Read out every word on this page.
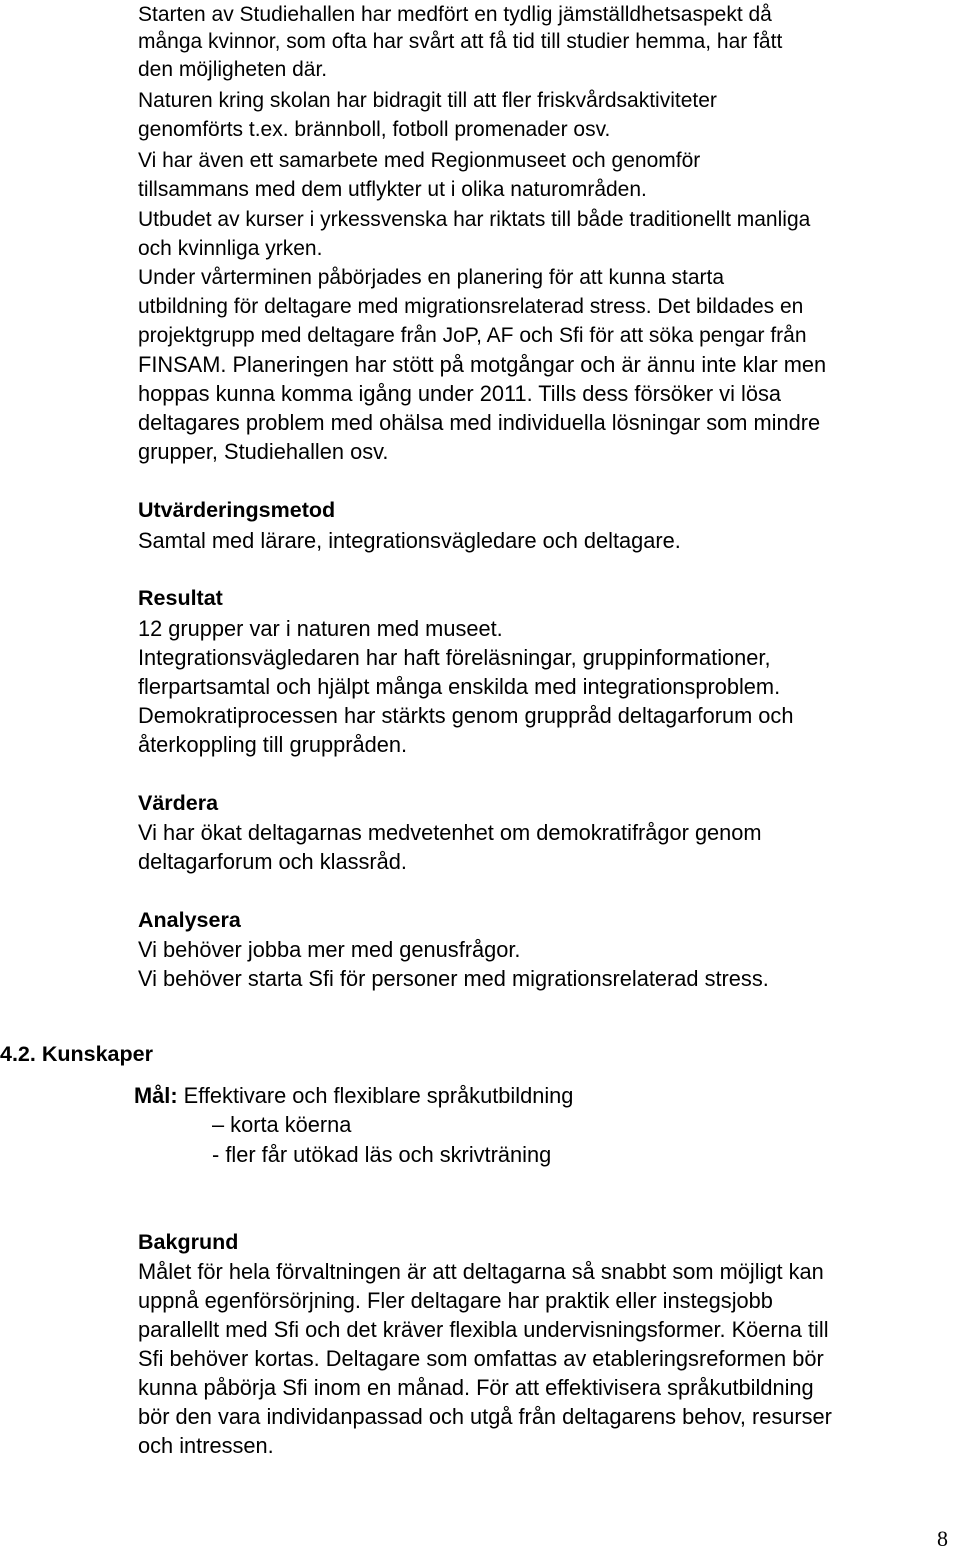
Starten av Studiehallen har medfört en tydlig jämställdhetsaspekt då

många kvinnor, som ofta har svårt att få tid till studier hemma, har fått

den möjligheten där.

Naturen kring skolan har bidragit till att fler friskvårdsaktiviteter

genomförts t.ex. brännboll, fotboll promenader osv.

Vi har även ett samarbete med Regionmuseet och genomför

tillsammans med dem utflykter ut i olika naturområden.

Utbudet av kurser i yrkessvenska har riktats till både traditionellt manliga

och kvinnliga yrken.

Under vårterminen påbörjades en planering för att kunna starta

utbildning för deltagare med migrationsrelaterad stress. Det bildades en

projektgrupp med deltagare från JoP, AF och Sfi för att söka pengar från

FINSAM. Planeringen har stött på motgångar och är ännu inte klar men

hoppas kunna komma igång under 2011. Tills dess försöker vi lösa

deltagares problem med ohälsa med individuella lösningar som mindre

grupper, Studiehallen osv.

Utvärderingsmetod

Samtal med lärare, integrationsvägledare och deltagare.

Resultat

12 grupper var i naturen med museet.

Integrationsvägledaren har haft föreläsningar, gruppinformationer,

flerpartsamtal och hjälpt många enskilda med integrationsproblem.

Demokratiprocessen har stärkts genom gruppråd deltagarforum och

återkoppling till gruppråden.

Värdera

Vi har ökat deltagarnas medvetenhet om demokratifrågor genom

deltagarforum och klassråd.

Analysera

Vi behöver jobba mer med genusfrågor.

Vi behöver starta Sfi för personer med migrationsrelaterad stress.

4.2. Kunskaper

Mål: Effektivare och flexiblare språkutbildning

– korta köerna

- fler får utökad läs och skrivträning

Bakgrund

Målet för hela förvaltningen är att deltagarna så snabbt som möjligt kan

uppnå egenförsörjning. Fler deltagare har praktik eller instegsjobb

parallellt med Sfi och det kräver flexibla undervisningsformer. Köerna till

Sfi behöver kortas. Deltagare som omfattas av etableringsreformen bör

kunna påbörja Sfi inom en månad. För att effektivisera språkutbildning

bör den vara individanpassad och utgå från deltagarens behov, resurser

och intressen.

8
